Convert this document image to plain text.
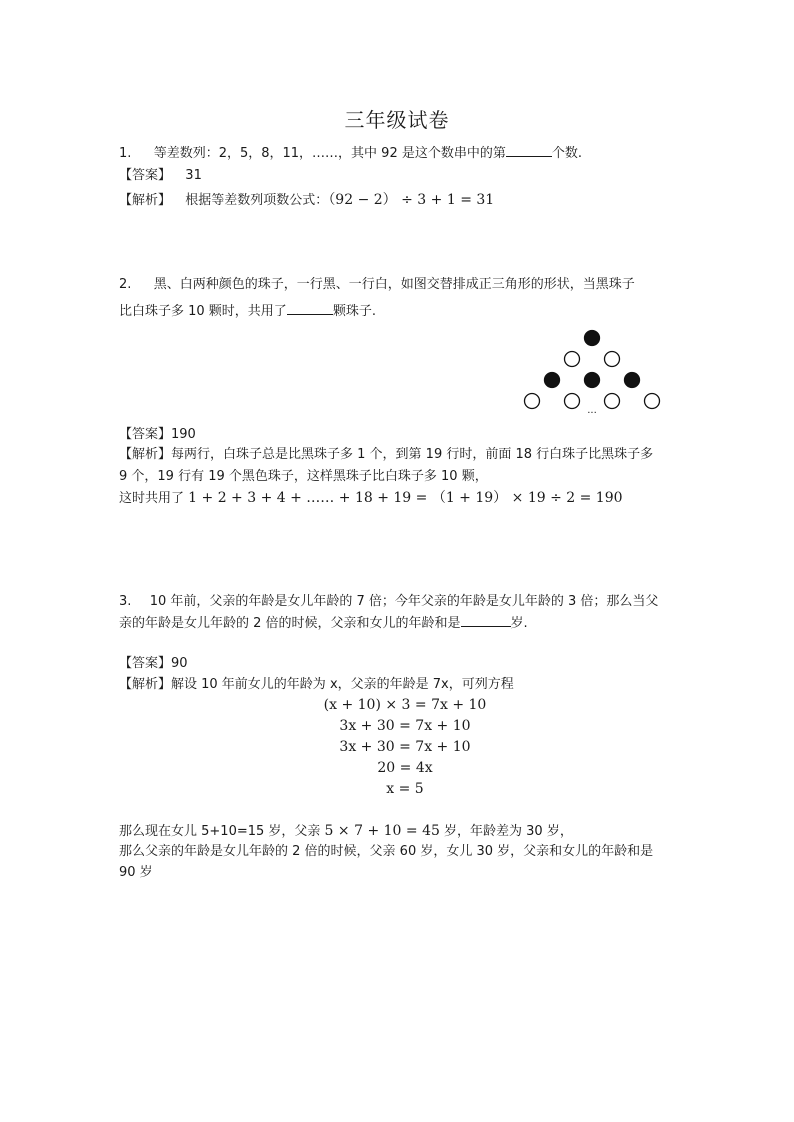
三年级试卷
1. 等差数列：2，5，8，11，……，其中 92 是这个数串中的第	个数.
【答案】 31
【解析】 根据等差数列项数公式：（92 − 2） ÷ 3 + 1 = 31
2. 黑、白两种颜色的珠子，一行黑、一行白，如图交替排成正三角形的形状，当黑珠子
比白珠子多 10 颗时，共用了	颗珠子.
···
【答案】190
【解析】每两行，白珠子总是比黑珠子多 1 个，到第 19 行时，前面 18 行白珠子比黑珠子多
9 个，19 行有 19 个黑色珠子，这样黑珠子比白珠子多 10 颗，
这时共用了 1 + 2 + 3 + 4 + …… + 18 + 19 = （1 + 19） × 19 ÷ 2 = 190
3. 10 年前，父亲的年龄是女儿年龄的 7 倍；今年父亲的年龄是女儿年龄的 3 倍；那么当父
亲的年龄是女儿年龄的 2 倍的时候，父亲和女儿的年龄和是	岁.
【答案】90
【解析】解设 10 年前女儿的年龄为 x，父亲的年龄是 7x，可列方程
(x + 10) × 3 = 7x + 10
3x + 30 = 7x + 10
3x + 30 = 7x + 10
20 = 4x
x = 5
那么现在女儿 5+10=15 岁，父亲 5 × 7 + 10 = 45 岁，年龄差为 30 岁，
那么父亲的年龄是女儿年龄的 2 倍的时候，父亲 60 岁，女儿 30 岁，父亲和女儿的年龄和是
90 岁
